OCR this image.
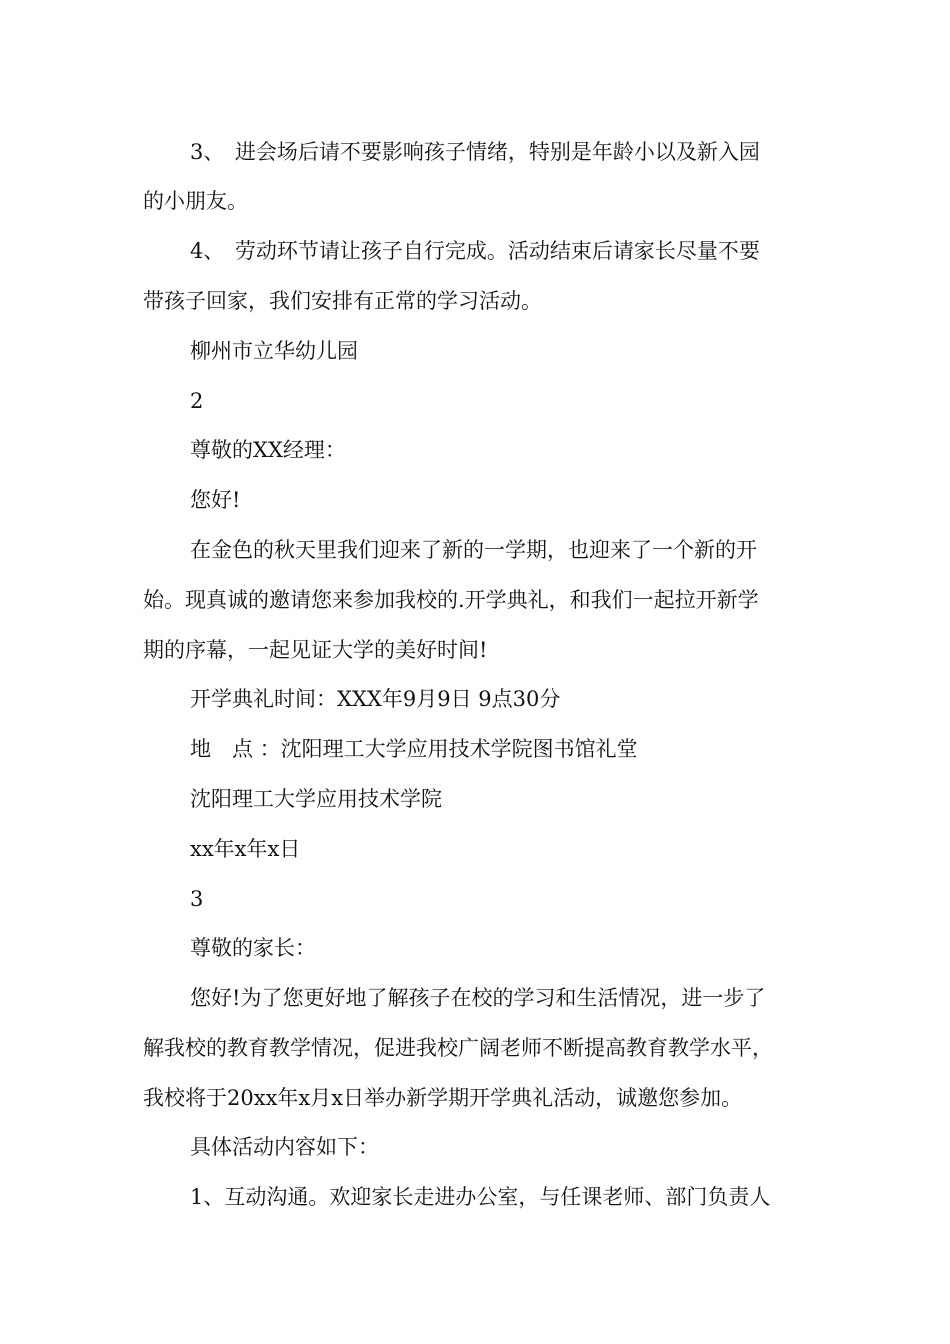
3、　进会场后请不要影响孩子情绪，特别是年龄小以及新入园
的小朋友。
4、　劳动环节请让孩子自行完成。活动结束后请家长尽量不要
带孩子回家，我们安排有正常的学习活动。
柳州市立华幼儿园
2
尊敬的XX经理：
您好!
在金色的秋天里我们迎来了新的一学期，也迎来了一个新的开
始。现真诚的邀请您来参加我校的.开学典礼，和我们一起拉开新学
期的序幕，一起见证大学的美好时间!
开学典礼时间：XXX年9月9日 9点30分
地　点 ：沈阳理工大学应用技术学院图书馆礼堂
沈阳理工大学应用技术学院
xx年x年x日
3
尊敬的家长：
您好!为了您更好地了解孩子在校的学习和生活情况，进一步了
解我校的教育教学情况，促进我校广阔老师不断提高教育教学水平，
我校将于20xx年x月x日举办新学期开学典礼活动，诚邀您参加。
具体活动内容如下：
1、互动沟通。欢迎家长走进办公室，与任课老师、部门负责人
